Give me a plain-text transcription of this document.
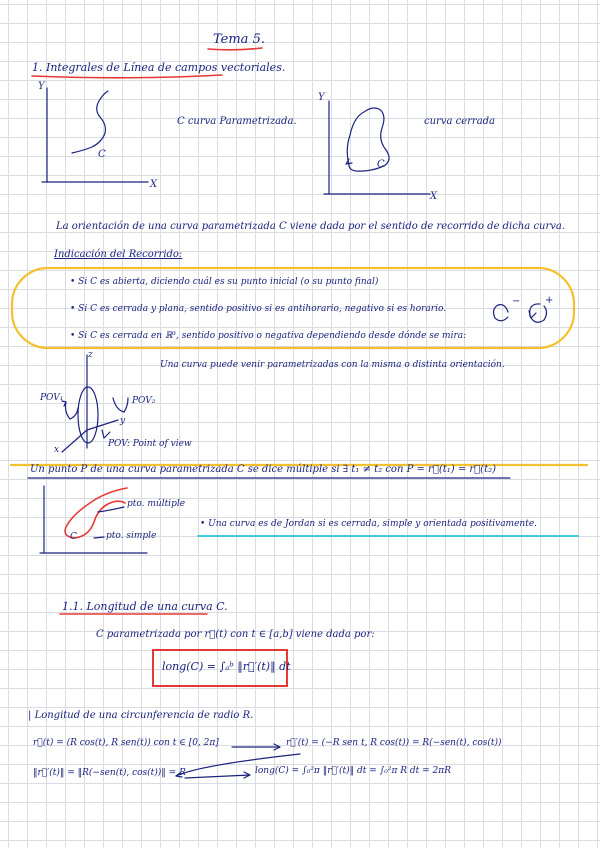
Tema 5.
1. Integrales de Línea de campos vectoriales.
Y
X
C
C curva Parametrizada.
Y
X
C
curva cerrada
La orientación de una curva parametrizada C viene dada por el sentido de recorrido de dicha curva.
Indicación del Recorrido:
• Si C es abierta, diciendo cuál es su punto inicial (o su punto final)
• Si C es cerrada y plana, sentido positivo si es antihorario, negativo si es horario.
• Si C es cerrada en ℝ³, sentido positivo o negativa dependiendo desde dónde se mira:
− +
Una curva puede venir parametrizadas con la misma o distinta orientación.
z
y
x
POV₁	POV₂
POV: Point of view
Un punto P de una curva parametrizada C se dice múltiple si ∃ t₁ ≠ t₂ con P = r⃗(t₁) = r⃗(t₂)
C
pto. múltiple
pto. simple
• Una curva es de Jordan si es cerrada, simple y orientada positivamente.
1.1. Longitud de una curva C.
C parametrizada por r⃗(t) con t ∈ [a,b] viene dada por:
long(C) = ∫ₐᵇ ‖r⃗′(t)‖ dt
| Longitud de una circunferencia de radio R.
r⃗(t) = (R cos(t), R sen(t)) con t ∈ [0, 2π]	r⃗′(t) = (−R sen t, R cos(t)) = R(−sen(t), cos(t))
‖r⃗′(t)‖ = ‖R(−sen(t), cos(t))‖ = R	long(C) = ∫₀²π ‖r⃗′(t)‖ dt = ∫₀²π R dt = 2πR
